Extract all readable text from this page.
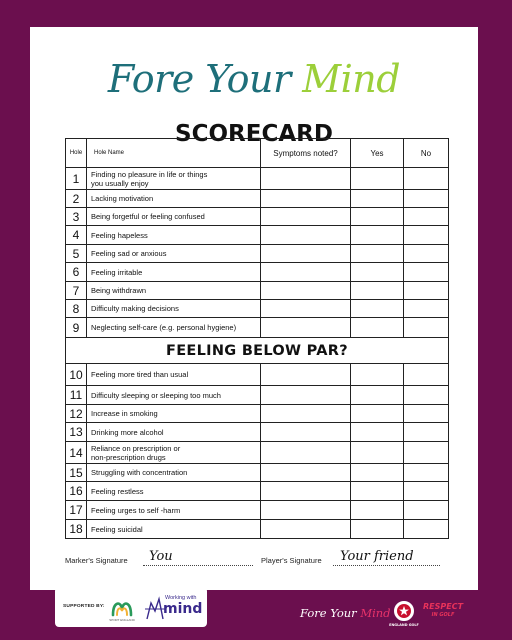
Fore Your Mind
SCORECARD
Hole	Hole Name	Symptoms noted?	Yes	No
1	Finding no pleasure in life or things
you usually enjoy			

2	Lacking motivation			

3	Being forgetful or feeling confused			

4	Feeling hapeless			

5	Feeling sad or anxious			

6	Feeling irritable			

7	Being withdrawn			

8	Difficulty making decisions			

9	Neglecting self-care (e.g. personal hygiene)			

FEELING BELOW PAR?				
10	Feeling more tired than usual			

11	Difficulty sleeping or sleeping too much			

12	Increase in smoking			

13	Drinking more alcohol			

14	Reliance on prescription or
non-prescription drugs			

15	Struggling with concentration			

16	Feeling restless			

17	Feeling urges to self -harm			

18	Feeling suicidal			

Marker's Signature You	Player's Signature Your friend
SUPPORTED BY:
SPORT ENGLAND
Working with
mind	Fore Your Mind
ENGLAND GOLF
RESPECT
IN GOLF
